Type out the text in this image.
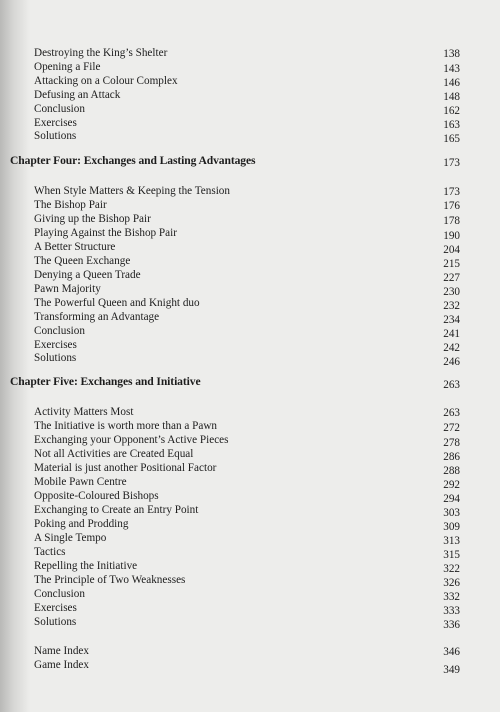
Destroying the King’s Shelter	138
Opening a File	143
Attacking on a Colour Complex	146
Defusing an Attack	148
Conclusion	162
Exercises	163
Solutions	165
Chapter Four: Exchanges and Lasting Advantages	173
When Style Matters & Keeping the Tension	173
The Bishop Pair	176
Giving up the Bishop Pair	178
Playing Against the Bishop Pair	190
A Better Structure	204
The Queen Exchange	215
Denying a Queen Trade	227
Pawn Majority	230
The Powerful Queen and Knight duo	232
Transforming an Advantage	234
Conclusion	241
Exercises	242
Solutions	246
Chapter Five: Exchanges and Initiative	263
Activity Matters Most	263
The Initiative is worth more than a Pawn	272
Exchanging your Opponent’s Active Pieces	278
Not all Activities are Created Equal	286
Material is just another Positional Factor	288
Mobile Pawn Centre	292
Opposite-Coloured Bishops	294
Exchanging to Create an Entry Point	303
Poking and Prodding	309
A Single Tempo	313
Tactics	315
Repelling the Initiative	322
The Principle of Two Weaknesses	326
Conclusion	332
Exercises	333
Solutions	336
Name Index	346
Game Index	349
